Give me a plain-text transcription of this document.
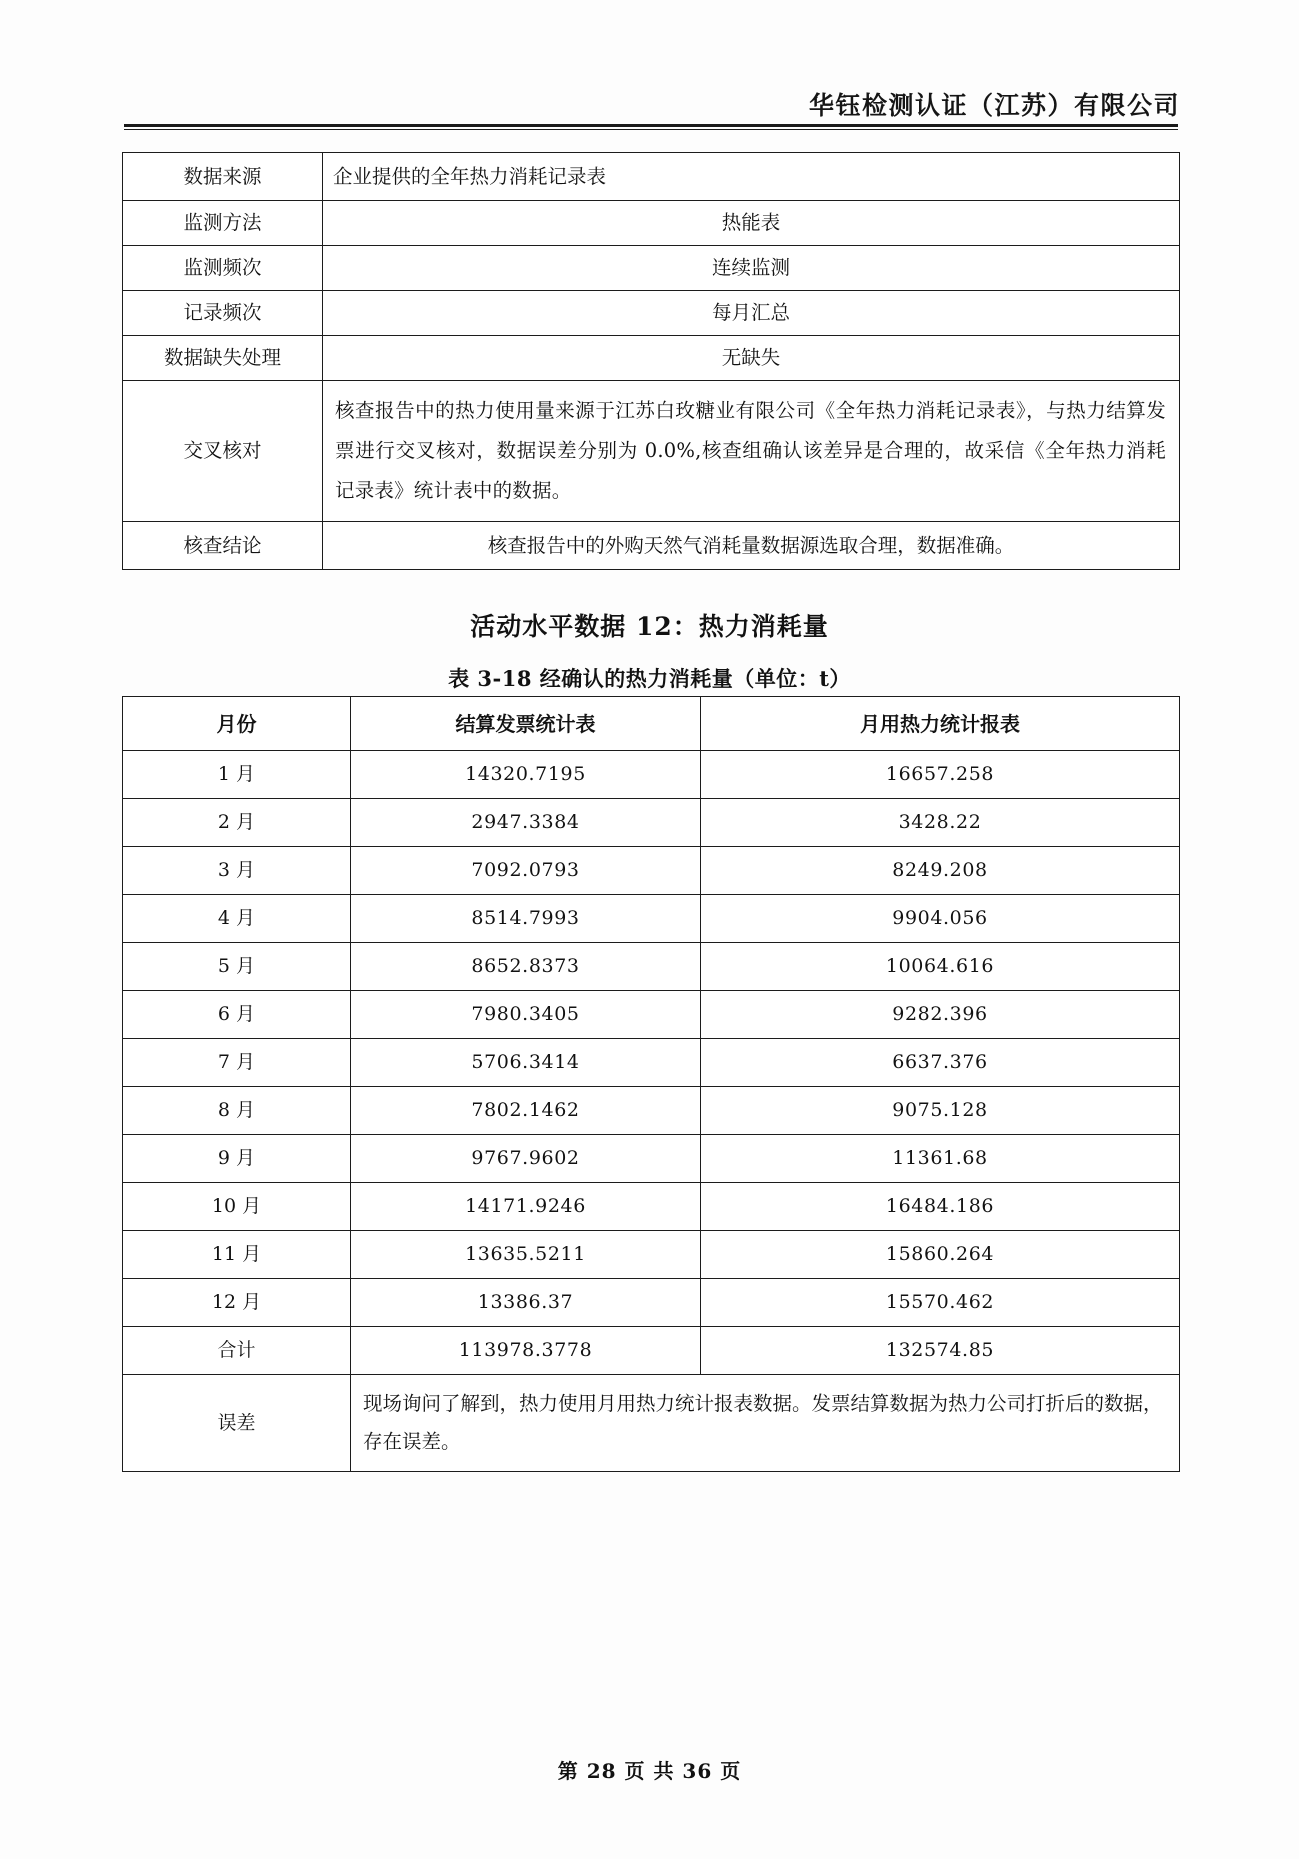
华钰检测认证（江苏）有限公司
数据来源	企业提供的全年热力消耗记录表
监测方法	热能表
监测频次	连续监测
记录频次	每月汇总
数据缺失处理	无缺失
交叉核对	核查报告中的热力使用量来源于江苏白玫糖业有限公司《全年热力消耗记录表》，与热力结算发票进行交叉核对，数据误差分别为 0.0%,核查组确认该差异是合理的，故采信《全年热力消耗记录表》统计表中的数据。
核查结论	核查报告中的外购天然气消耗量数据源选取合理，数据准确。
活动水平数据 12：热力消耗量
表 3-18 经确认的热力消耗量（单位：t）
月份	结算发票统计表	月用热力统计报表
1 月	14320.7195	16657.258
2 月	2947.3384	3428.22
3 月	7092.0793	8249.208
4 月	8514.7993	9904.056
5 月	8652.8373	10064.616
6 月	7980.3405	9282.396
7 月	5706.3414	6637.376
8 月	7802.1462	9075.128
9 月	9767.9602	11361.68
10 月	14171.9246	16484.186
11 月	13635.5211	15860.264
12 月	13386.37	15570.462
合计	113978.3778	132574.85
误差	现场询问了解到，热力使用月用热力统计报表数据。发票结算数据为热力公司打折后的数据，存在误差。	
第 28 页 共 36 页
